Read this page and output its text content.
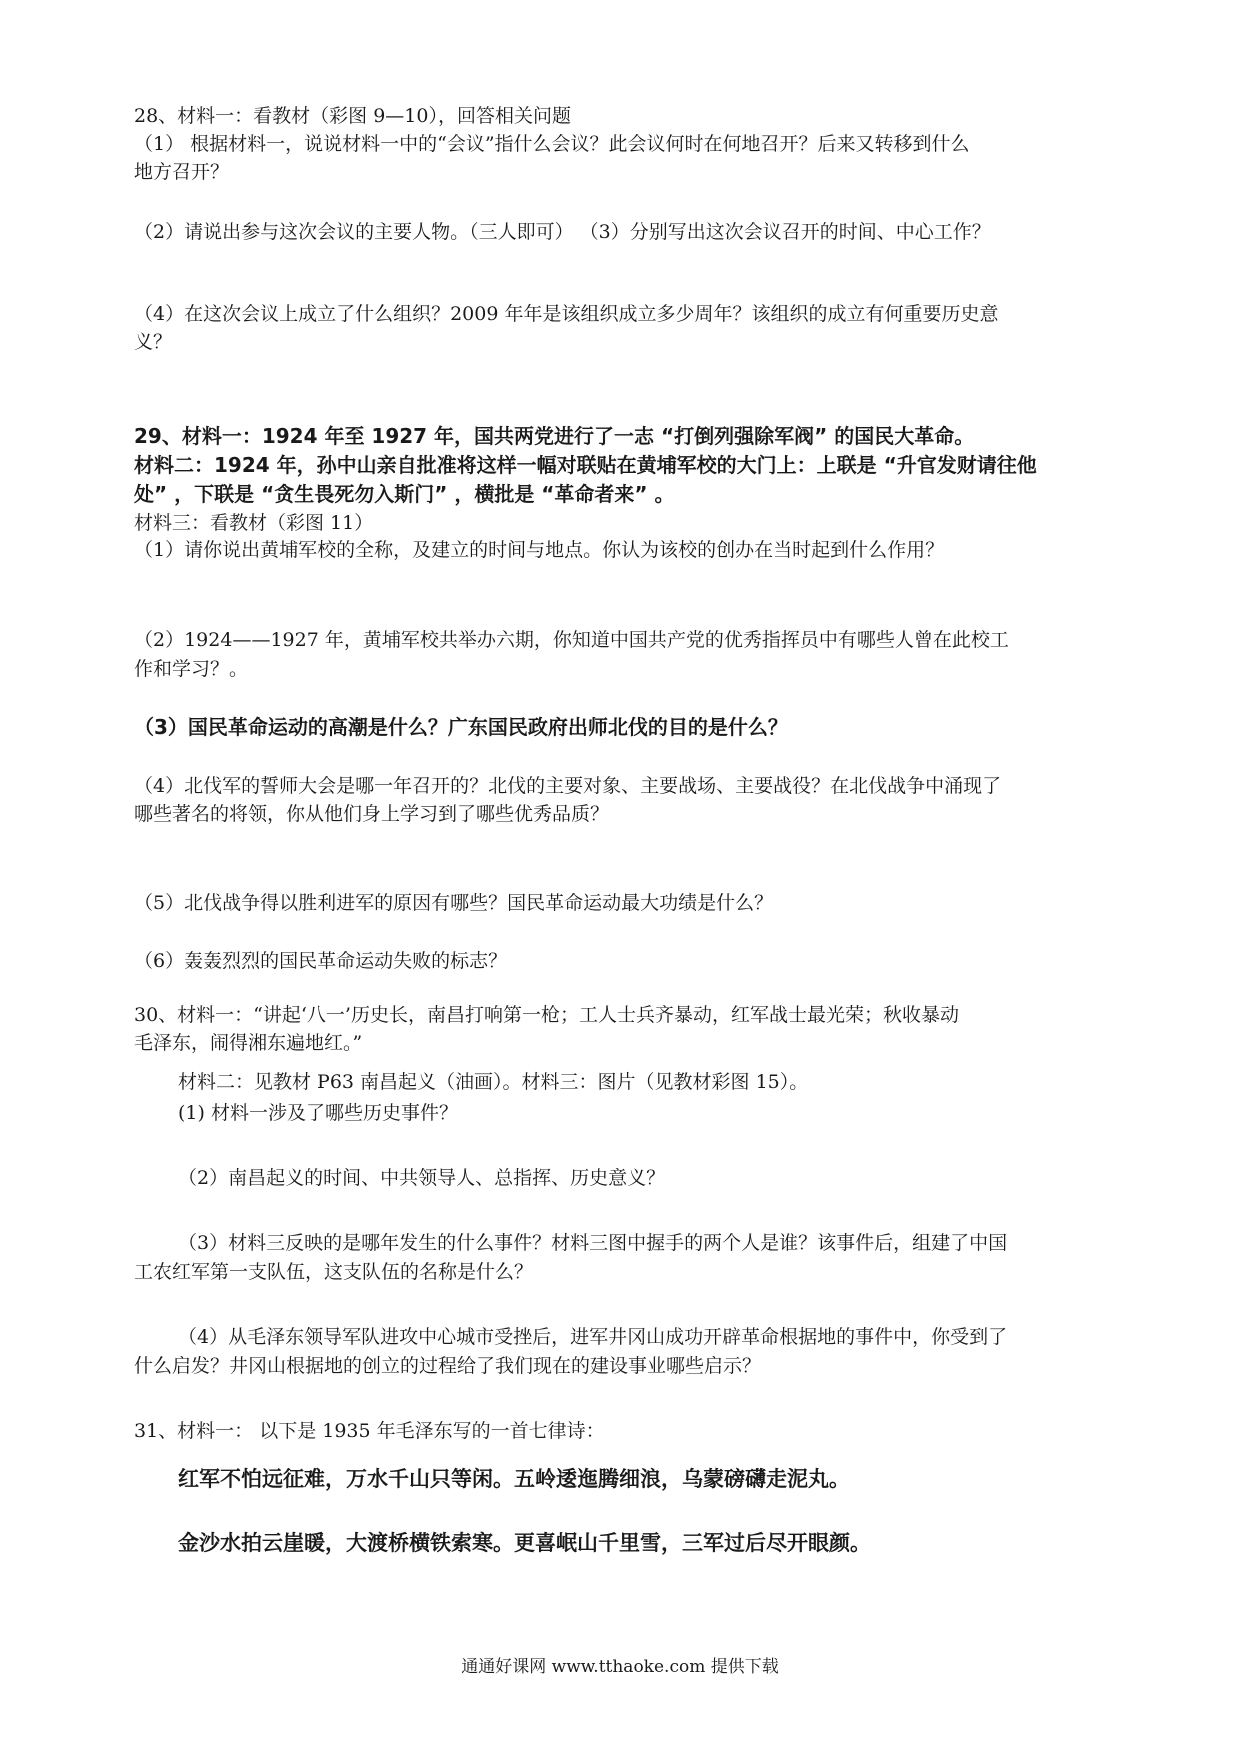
28、材料一：看教材（彩图 9—10），回答相关问题
（1） 根据材料一，说说材料一中的“会议”指什么会议？此会议何时在何地召开？后来又转移到什么
地方召开？
（2）请说出参与这次会议的主要人物。（三人即可） （3）分别写出这次会议召开的时间、中心工作？
（4）在这次会议上成立了什么组织？2009 年年是该组织成立多少周年？该组织的成立有何重要历史意
义？
29、材料一：1924 年至 1927 年，国共两党进行了一志 “打倒列强除军阀” 的国民大革命。
材料二：1924 年，孙中山亲自批准将这样一幅对联贴在黄埔军校的大门上：上联是 “升官发财请往他
处” ，下联是 “贪生畏死勿入斯门” ，横批是 “革命者来” 。
材料三：看教材（彩图 11）
（1）请你说出黄埔军校的全称，及建立的时间与地点。你认为该校的创办在当时起到什么作用？
（2）1924——1927 年，黄埔军校共举办六期，你知道中国共产党的优秀指挥员中有哪些人曾在此校工
作和学习？。
（3）国民革命运动的高潮是什么？广东国民政府出师北伐的目的是什么？
（4）北伐军的誓师大会是哪一年召开的？北伐的主要对象、主要战场、主要战役？在北伐战争中涌现了
哪些著名的将领，你从他们身上学习到了哪些优秀品质？
（5）北伐战争得以胜利进军的原因有哪些？国民革命运动最大功绩是什么？
（6）轰轰烈烈的国民革命运动失败的标志？
30、材料一：“讲起‘八一’历史长，南昌打响第一枪；工人士兵齐暴动，红军战士最光荣；秋收暴动
毛泽东，闹得湘东遍地红。”
材料二：见教材 P63 南昌起义（油画）。材料三：图片（见教材彩图 15）。
(1) 材料一涉及了哪些历史事件？
（2）南昌起义的时间、中共领导人、总指挥、历史意义？
（3）材料三反映的是哪年发生的什么事件？材料三图中握手的两个人是谁？该事件后，组建了中国
工农红军第一支队伍，这支队伍的名称是什么？
（4）从毛泽东领导军队进攻中心城市受挫后，进军井冈山成功开辟革命根据地的事件中，你受到了
什么启发？井冈山根据地的创立的过程给了我们现在的建设事业哪些启示？
31、材料一： 以下是 1935 年毛泽东写的一首七律诗：
红军不怕远征难，万水千山只等闲。五岭逶迤腾细浪，乌蒙磅礴走泥丸。
金沙水拍云崖暖，大渡桥横铁索寒。更喜岷山千里雪，三军过后尽开眼颜。
通通好课网 www.tthaoke.com 提供下载
